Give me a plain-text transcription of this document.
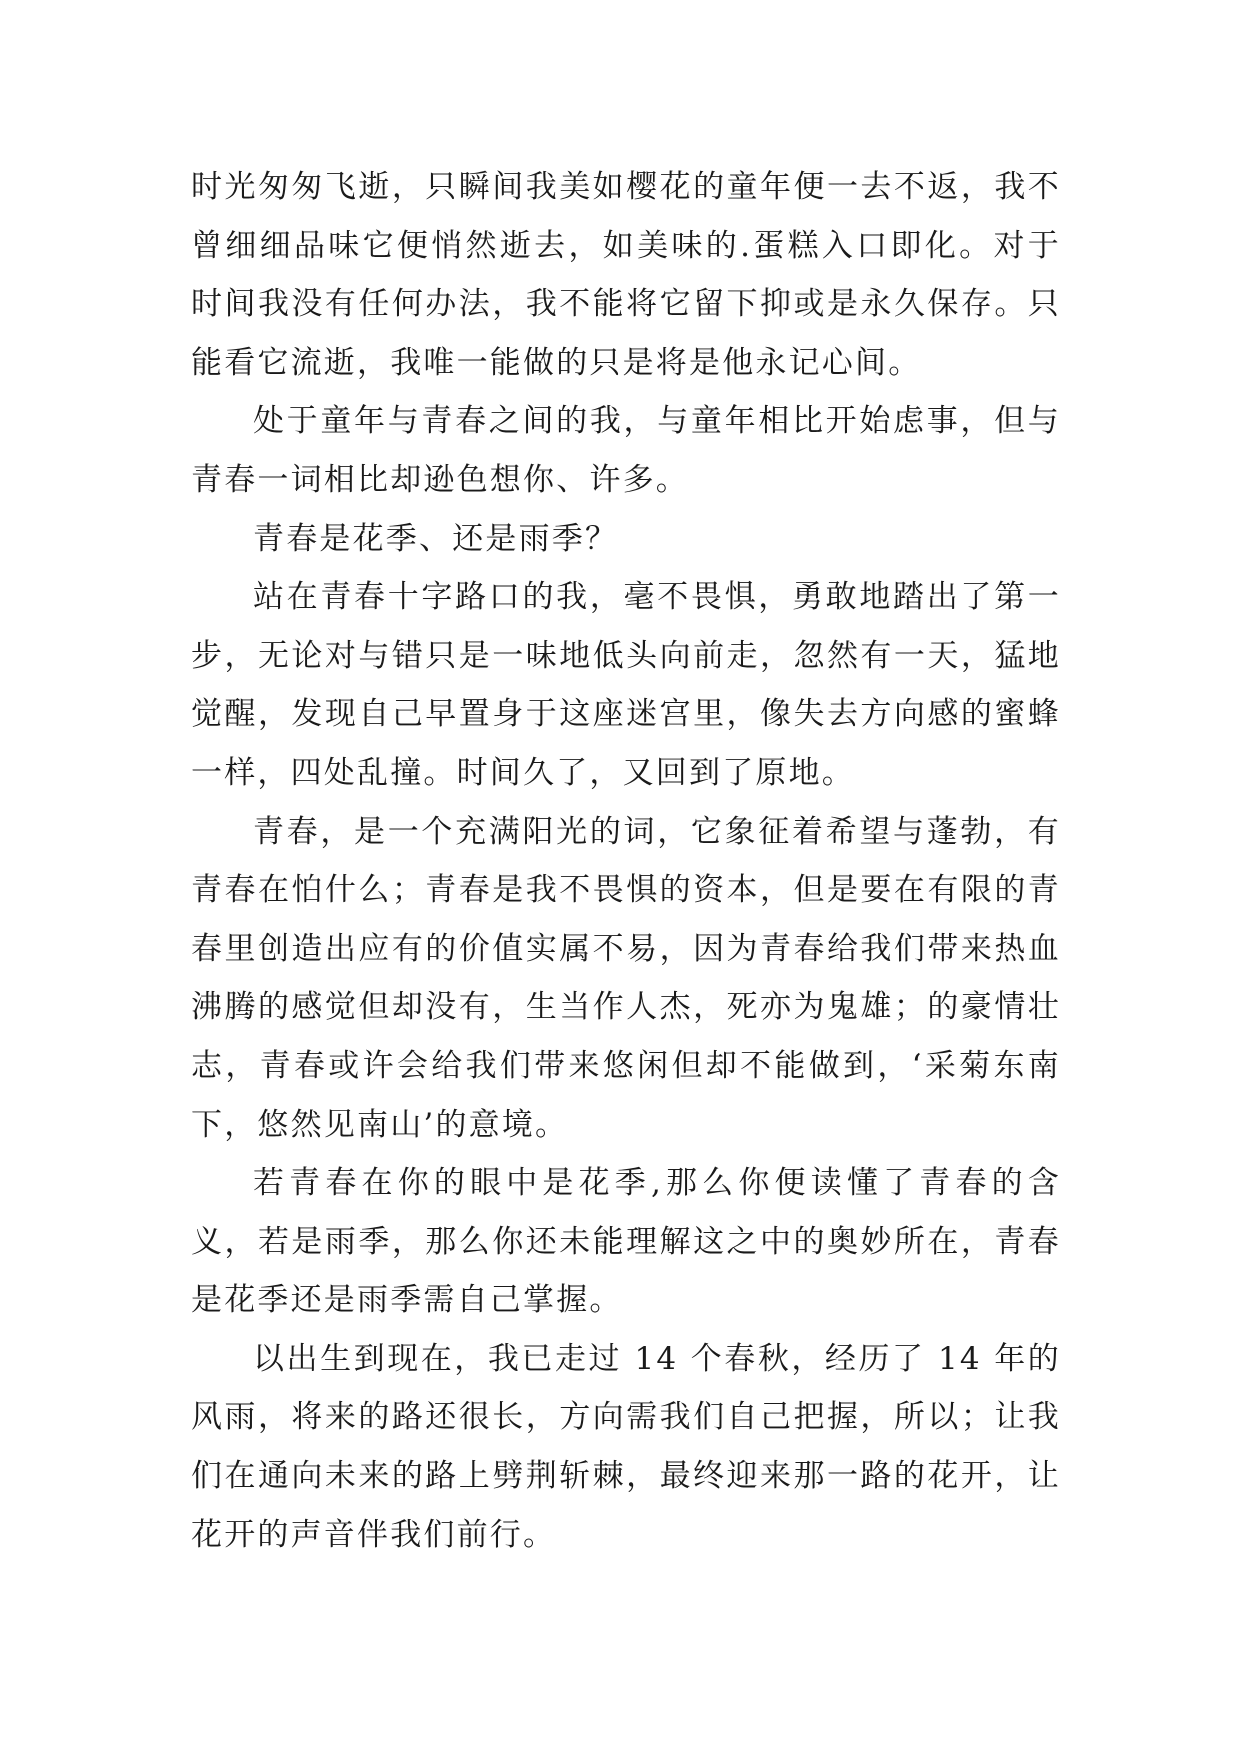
时光匆匆飞逝，只瞬间我美如樱花的童年便一去不返，我不曾细细品味它便悄然逝去，如美味的.蛋糕入口即化。对于时间我没有任何办法，我不能将它留下抑或是永久保存。只能看它流逝，我唯一能做的只是将是他永记心间。

处于童年与青春之间的我，与童年相比开始虑事，但与青春一词相比却逊色想你、许多。

青春是花季、还是雨季？

站在青春十字路口的我，毫不畏惧，勇敢地踏出了第一步，无论对与错只是一味地低头向前走，忽然有一天，猛地觉醒，发现自己早置身于这座迷宫里，像失去方向感的蜜蜂一样，四处乱撞。时间久了，又回到了原地。

青春，是一个充满阳光的词，它象征着希望与蓬勃，有青春在怕什么；青春是我不畏惧的资本，但是要在有限的青春里创造出应有的价值实属不易，因为青春给我们带来热血沸腾的感觉但却没有，生当作人杰，死亦为鬼雄；的豪情壮志，青春或许会给我们带来悠闲但却不能做到，‘采菊东南下，悠然见南山’的意境。

若青春在你的眼中是花季,那么你便读懂了青春的含义，若是雨季，那么你还未能理解这之中的奥妙所在，青春是花季还是雨季需自己掌握。

以出生到现在，我已走过 14 个春秋，经历了 14 年的风雨，将来的路还很长，方向需我们自己把握，所以；让我们在通向未来的路上劈荆斩棘，最终迎来那一路的花开，让花开的声音伴我们前行。
